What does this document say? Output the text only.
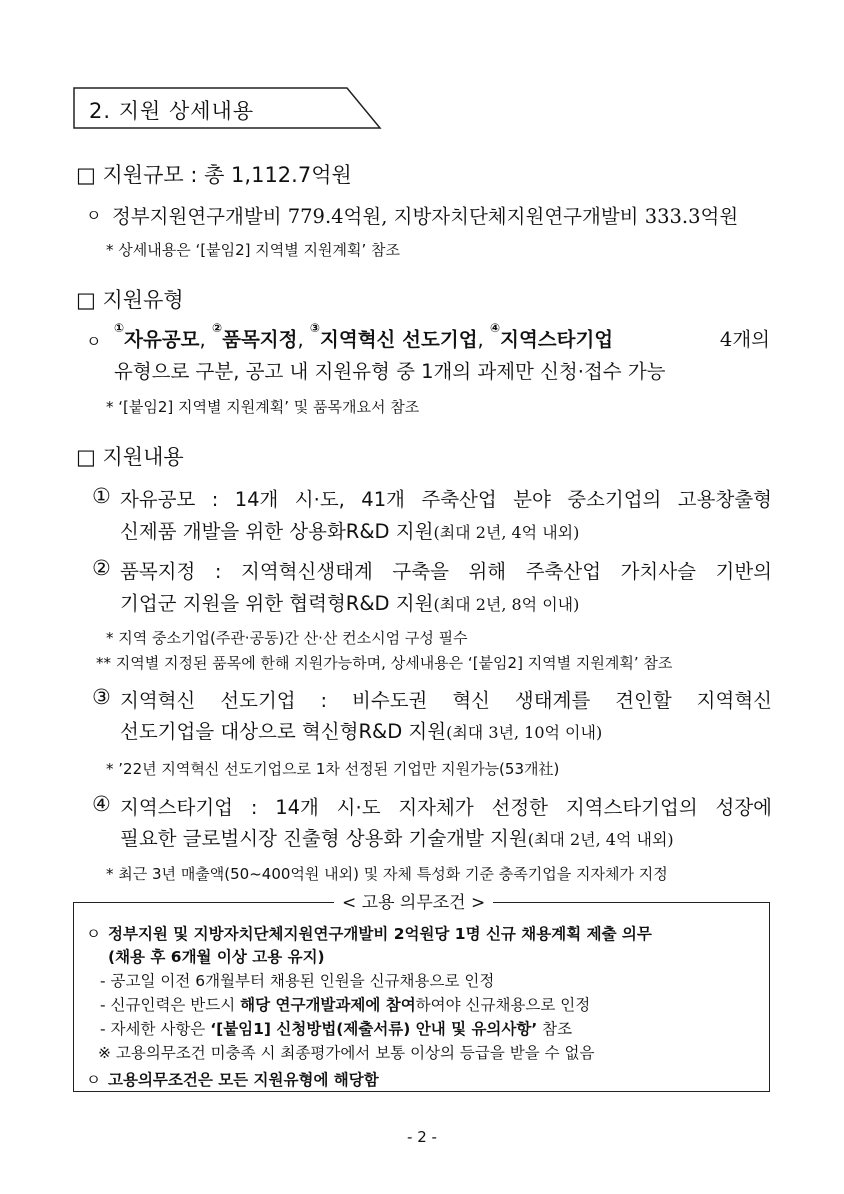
2. 지원 상세내용
□ 지원규모 : 총 1,112.7억원
ㅇ 정부지원연구개발비 779.4억원, 지방자치단체지원연구개발비 333.3억원
* 상세내용은 ‘[붙임2] 지역별 지원계획’ 참조
□ 지원유형
ㅇ
①자유공모, ②품목지정, ③지역혁신 선도기업, ④지역스타기업	4개의
유형으로 구분, 공고 내 지원유형 중 1개의 과제만 신청·접수 가능
* ‘[붙임2] 지역별 지원계획’ 및 품목개요서 참조
□ 지원내용
① 자유공모 : 14개 시·도, 41개 주축산업 분야 중소기업의 고용창출형
신제품 개발을 위한 상용화R&D 지원(최대 2년, 4억 내외)
② 품목지정 : 지역혁신생태계 구축을 위해 주축산업 가치사슬 기반의
기업군 지원을 위한 협력형R&D 지원(최대 2년, 8억 이내)
* 지역 중소기업(주관·공동)간 산·산 컨소시엄 구성 필수
** 지역별 지정된 품목에 한해 지원가능하며, 상세내용은 ‘[붙임2] 지역별 지원계획’ 참조
③ 지역혁신 선도기업 : 비수도권 혁신 생태계를 견인할 지역혁신
선도기업을 대상으로 혁신형R&D 지원(최대 3년, 10억 이내)
* ’22년 지역혁신 선도기업으로 1차 선정된 기업만 지원가능(53개社)
④ 지역스타기업 : 14개 시·도 지자체가 선정한 지역스타기업의 성장에
필요한 글로벌시장 진출형 상용화 기술개발 지원(최대 2년, 4억 내외)
* 최근 3년 매출액(50~400억원 내외) 및 자체 특성화 기준 충족기업을 지자체가 지정
< 고용 의무조건 >
ㅇ 정부지원 및 지방자치단체지원연구개발비 2억원당 1명 신규 채용계획 제출 의무
(채용 후 6개월 이상 고용 유지)
- 공고일 이전 6개월부터 채용된 인원을 신규채용으로 인정
- 신규인력은 반드시 해당 연구개발과제에 참여하여야 신규채용으로 인정
- 자세한 사항은 ‘[붙임1] 신청방법(제출서류) 안내 및 유의사항’ 참조
※ 고용의무조건 미충족 시 최종평가에서 보통 이상의 등급을 받을 수 없음
ㅇ 고용의무조건은 모든 지원유형에 해당함
- 2 -
